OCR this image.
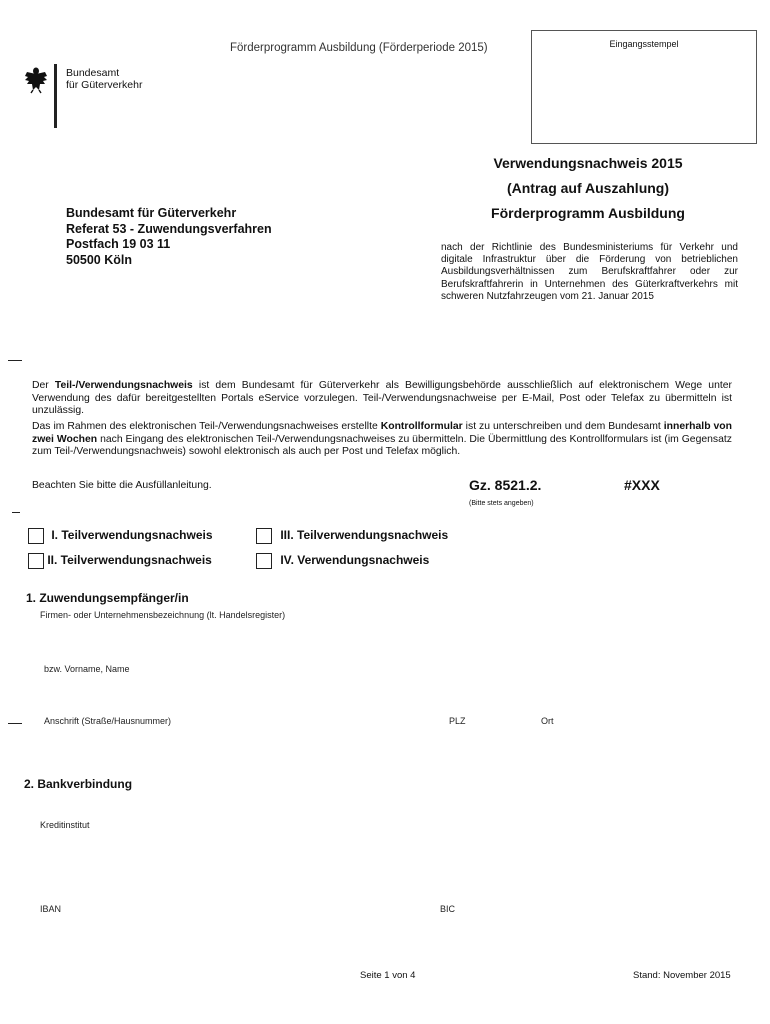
Förderprogramm Ausbildung (Förderperiode 2015)
Bundesamt
für Güterverkehr
Eingangsstempel
Verwendungsnachweis 2015
(Antrag auf Auszahlung)
Förderprogramm Ausbildung
Bundesamt für Güterverkehr
Referat 53 - Zuwendungsverfahren
Postfach 19 03 11
50500 Köln
nach der Richtlinie des Bundesministeriums für Verkehr und digitale Infrastruktur über die Förderung von betrieblichen Ausbildungsverhältnissen zum Berufskraftfahrer oder zur Berufskraftfahrerin in Unternehmen des Güterkraftverkehrs mit schweren Nutzfahrzeugen vom 21. Januar 2015
Der Teil-/Verwendungsnachweis ist dem Bundesamt für Güterverkehr als Bewilligungsbehörde ausschließlich auf elektronischem Wege unter Verwendung des dafür bereitgestellten Portals eService vorzulegen. Teil-/Verwendungsnachweise per E-Mail, Post oder Telefax zu übermitteln ist unzulässig.
Das im Rahmen des elektronischen Teil-/Verwendungsnachweises erstellte Kontrollformular ist zu unterschreiben und dem Bundesamt innerhalb von zwei Wochen nach Eingang des elektronischen Teil-/Verwendungsnachweises zu übermitteln. Die Übermittlung des Kontrollformulars ist (im Gegensatz zum Teil-/Verwendungsnachweis) sowohl elektronisch als auch per Post und Telefax möglich.
Beachten Sie bitte die Ausfüllanleitung.	Gz. 8521.2.	#XXX
(Bitte stets angeben)
I. Teilverwendungsnachweis
II. Teilverwendungsnachweis
III. Teilverwendungsnachweis
IV. Verwendungsnachweis
1. Zuwendungsempfänger/in
Firmen- oder Unternehmensbezeichnung (lt. Handelsregister)
bzw. Vorname, Name
Anschrift (Straße/Hausnummer)	PLZ	Ort
2. Bankverbindung
Kreditinstitut
IBAN	BIC
Seite 1 von 4	Stand: November 2015
